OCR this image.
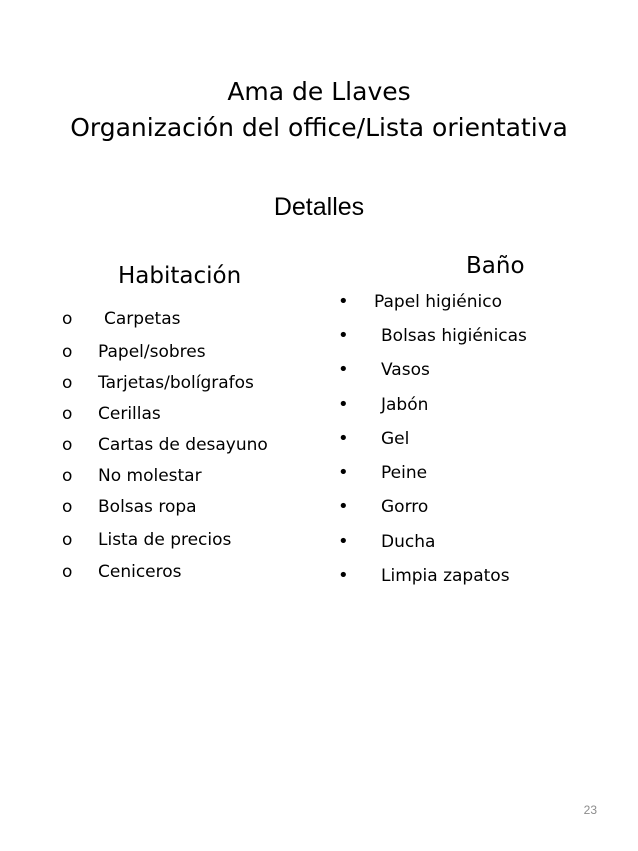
Ama de Llaves
Organización del office/Lista orientativa
Detalles
Habitación	Baño
o Carpetas
o Papel/sobres
o Tarjetas/bolígrafos
o Cerillas
o Cartas de desayuno
o No molestar
o Bolsas ropa
o Lista de precios
o Ceniceros
• Papel higiénico
• Bolsas higiénicas
• Vasos
• Jabón
• Gel
• Peine
• Gorro
• Ducha
• Limpia zapatos
23
